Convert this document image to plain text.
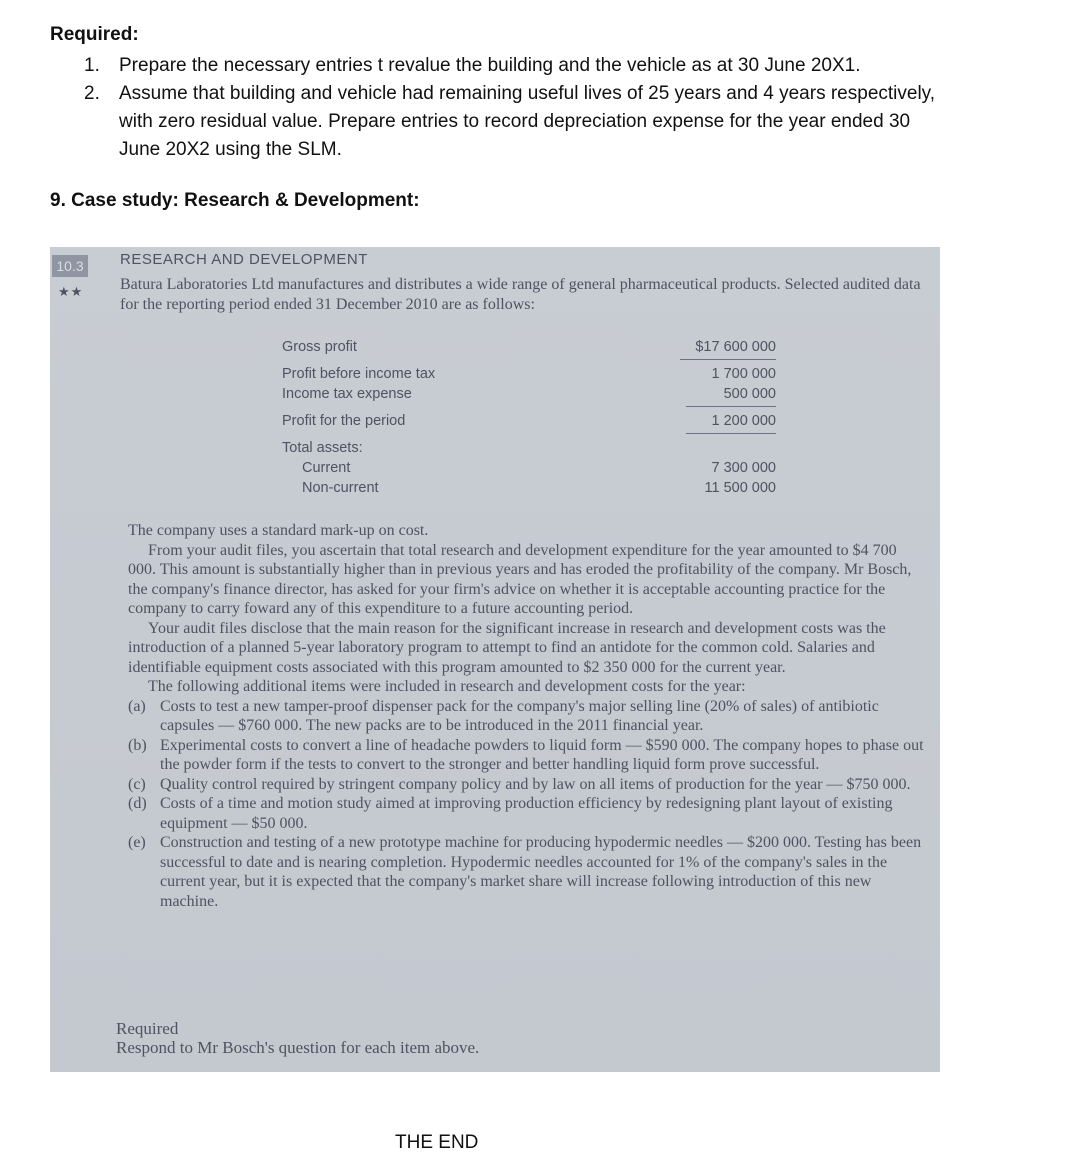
Required:
1. Prepare the necessary entries t revalue the building and the vehicle as at 30 June 20X1.
2. Assume that building and vehicle had remaining useful lives of 25 years and 4 years respectively, with zero residual value. Prepare entries to record depreciation expense for the year ended 30 June 20X2 using the SLM.
9. Case study: Research & Development:
10.3
★★
RESEARCH AND DEVELOPMENT
Batura Laboratories Ltd manufactures and distributes a wide range of general pharmaceutical products. Selected audited data for the reporting period ended 31 December 2010 are as follows:
Gross profit	$17 600 000
Profit before income tax	1 700 000
Income tax expense	500 000
Profit for the period	1 200 000
Total assets:
Current	7 300 000
Non-current	11 500 000

The company uses a standard mark-up on cost.

From your audit files, you ascertain that total research and development expenditure for the year amounted to $4 700 000. This amount is substantially higher than in previous years and has eroded the profitability of the company. Mr Bosch, the company's finance director, has asked for your firm's advice on whether it is acceptable accounting practice for the company to carry foward any of this expenditure to a future accounting period.

Your audit files disclose that the main reason for the significant increase in research and development costs was the introduction of a planned 5-year laboratory program to attempt to find an antidote for the common cold. Salaries and identifiable equipment costs associated with this program amounted to $2 350 000 for the current year.

The following additional items were included in research and development costs for the year:

(a) Costs to test a new tamper-proof dispenser pack for the company's major selling line (20% of sales) of antibiotic capsules — $760 000. The new packs are to be introduced in the 2011 financial year.
(b) Experimental costs to convert a line of headache powders to liquid form — $590 000. The company hopes to phase out the powder form if the tests to convert to the stronger and better handling liquid form prove successful.
(c) Quality control required by stringent company policy and by law on all items of production for the year — $750 000.
(d) Costs of a time and motion study aimed at improving production efficiency by redesigning plant layout of existing equipment — $50 000.
(e) Construction and testing of a new prototype machine for producing hypodermic needles — $200 000. Testing has been successful to date and is nearing completion. Hypodermic needles accounted for 1% of the company's sales in the current year, but it is expected that the company's market share will increase following introduction of this new machine.
Required
Respond to Mr Bosch's question for each item above.
THE END
